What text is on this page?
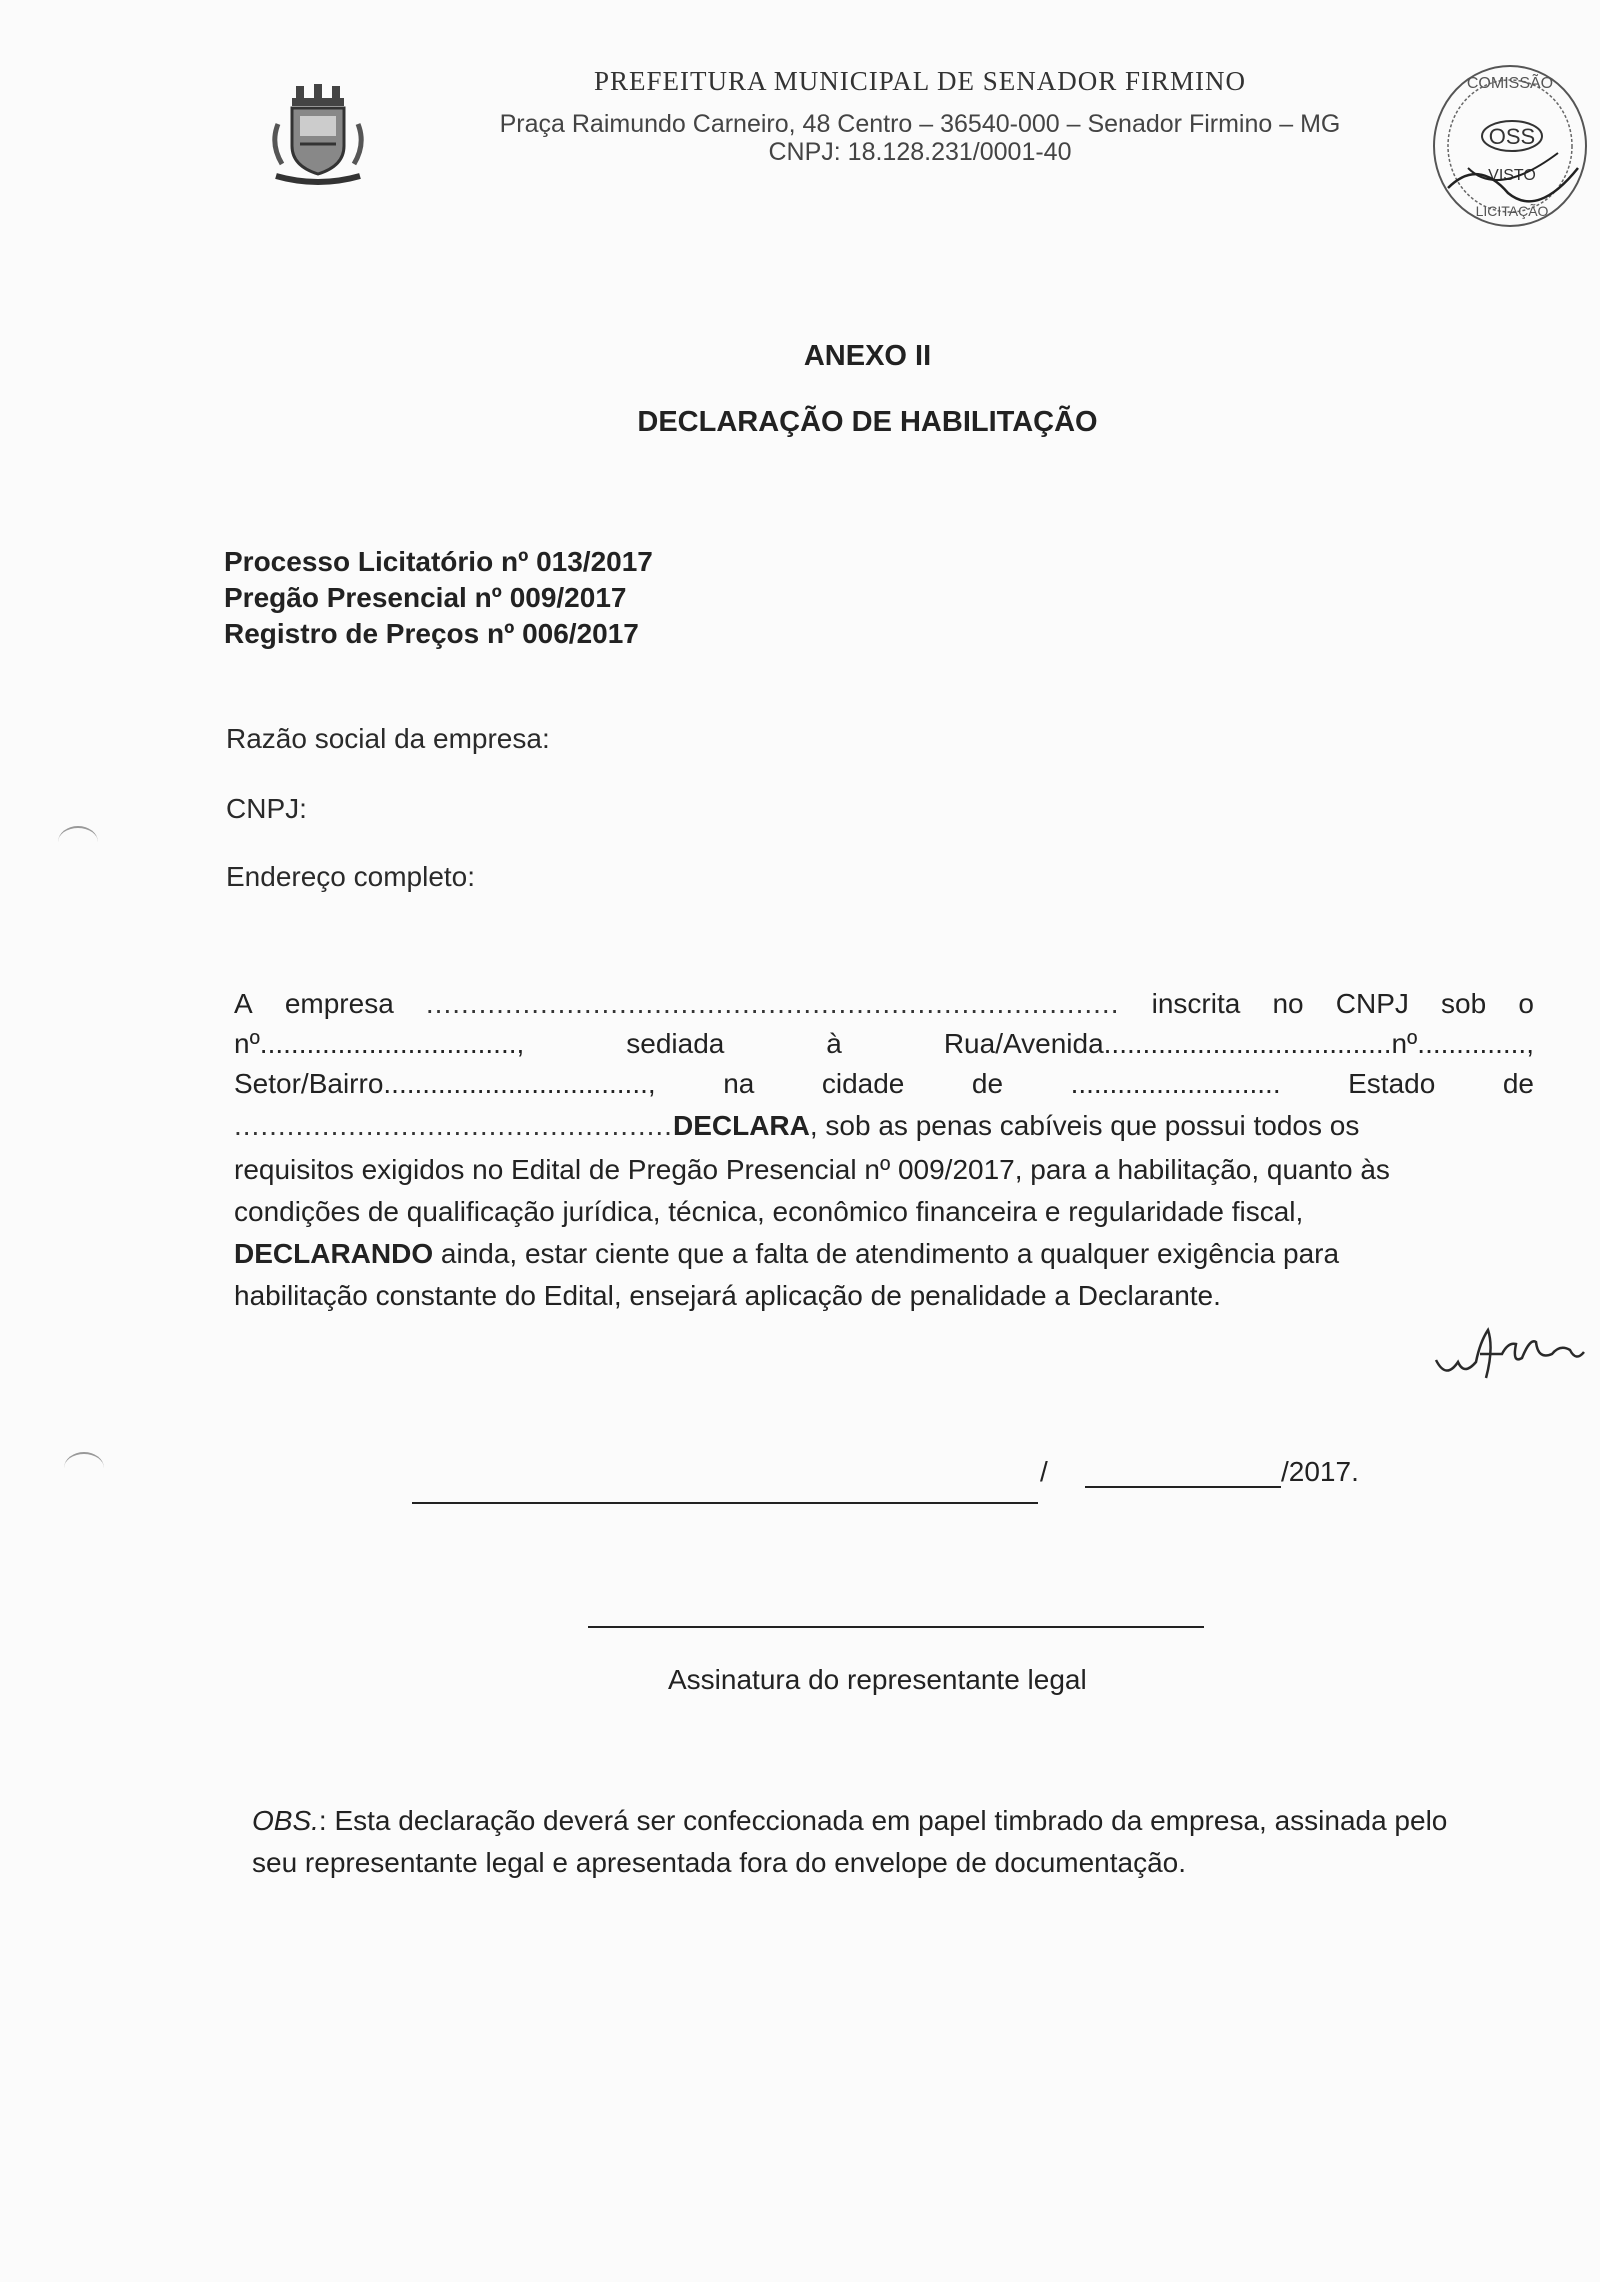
PREFEITURA MUNICIPAL DE SENADOR FIRMINO
Praça Raimundo Carneiro, 48 Centro – 36540-000 – Senador Firmino – MG
CNPJ: 18.128.231/0001-40
COMISSÃO
OSS
VISTO
LICITAÇÃO
ANEXO II
DECLARAÇÃO DE HABILITAÇÃO
Processo Licitatório nº 013/2017
Pregão Presencial nº 009/2017
Registro de Preços nº 006/2017
Razão social da empresa:
CNPJ:
Endereço completo:
A empresa ............................................................................... inscrita no CNPJ sob o
nº.................................,	sediada	à	Rua/Avenida.....................................nº..............,
Setor/Bairro.................................., na cidade de ........................... Estado de
..................................................DECLARA, sob as penas cabíveis que possui todos os
requisitos exigidos no Edital de Pregão Presencial nº 009/2017, para a habilitação, quanto às
condições de qualificação jurídica, técnica, econômico financeira e regularidade fiscal,
DECLARANDO ainda, estar ciente que a falta de atendimento a qualquer exigência para
habilitação constante do Edital, ensejará aplicação de penalidade a Declarante.
/	/2017.
Assinatura do representante legal
OBS.: Esta declaração deverá ser confeccionada em papel timbrado da empresa, assinada pelo seu representante legal e apresentada fora do envelope de documentação.
